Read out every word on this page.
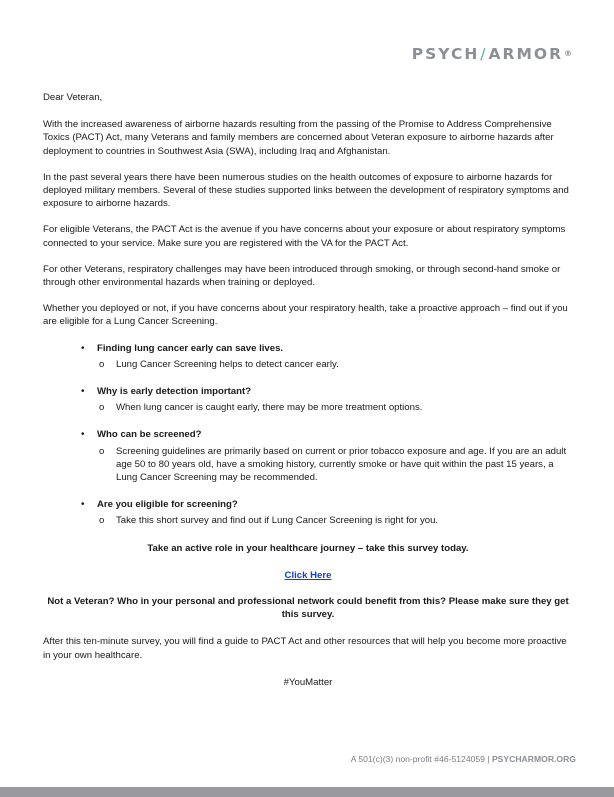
PSYCH/ARMOR®

Dear Veteran,

With the increased awareness of airborne hazards resulting from the passing of the Promise to Address Comprehensive Toxics (PACT) Act, many Veterans and family members are concerned about Veteran exposure to airborne hazards after deployment to countries in Southwest Asia (SWA), including Iraq and Afghanistan.

In the past several years there have been numerous studies on the health outcomes of exposure to airborne hazards for deployed military members. Several of these studies supported links between the development of respiratory symptoms and exposure to airborne hazards.

For eligible Veterans, the PACT Act is the avenue if you have concerns about your exposure or about respiratory symptoms connected to your service. Make sure you are registered with the VA for the PACT Act.

For other Veterans, respiratory challenges may have been introduced through smoking, or through second-hand smoke or through other environmental hazards when training or deployed.

Whether you deployed or not, if you have concerns about your respiratory health, take a proactive approach – find out if you are eligible for a Lung Cancer Screening.

• Finding lung cancer early can save lives.
o Lung Cancer Screening helps to detect cancer early.
• Why is early detection important?
o When lung cancer is caught early, there may be more treatment options.
• Who can be screened?
o Screening guidelines are primarily based on current or prior tobacco exposure and age. If you are an adult age 50 to 80 years old, have a smoking history, currently smoke or have quit within the past 15 years, a Lung Cancer Screening may be recommended.
• Are you eligible for screening?
o Take this short survey and find out if Lung Cancer Screening is right for you.

Take an active role in your healthcare journey – take this survey today.

Click Here

Not a Veteran? Who in your personal and professional network could benefit from this? Please make sure they get this survey.

After this ten-minute survey, you will find a guide to PACT Act and other resources that will help you become more proactive in your own healthcare.

#YouMatter

A 501(c)(3) non-profit #46-5124059 | PSYCHARMOR.ORG
